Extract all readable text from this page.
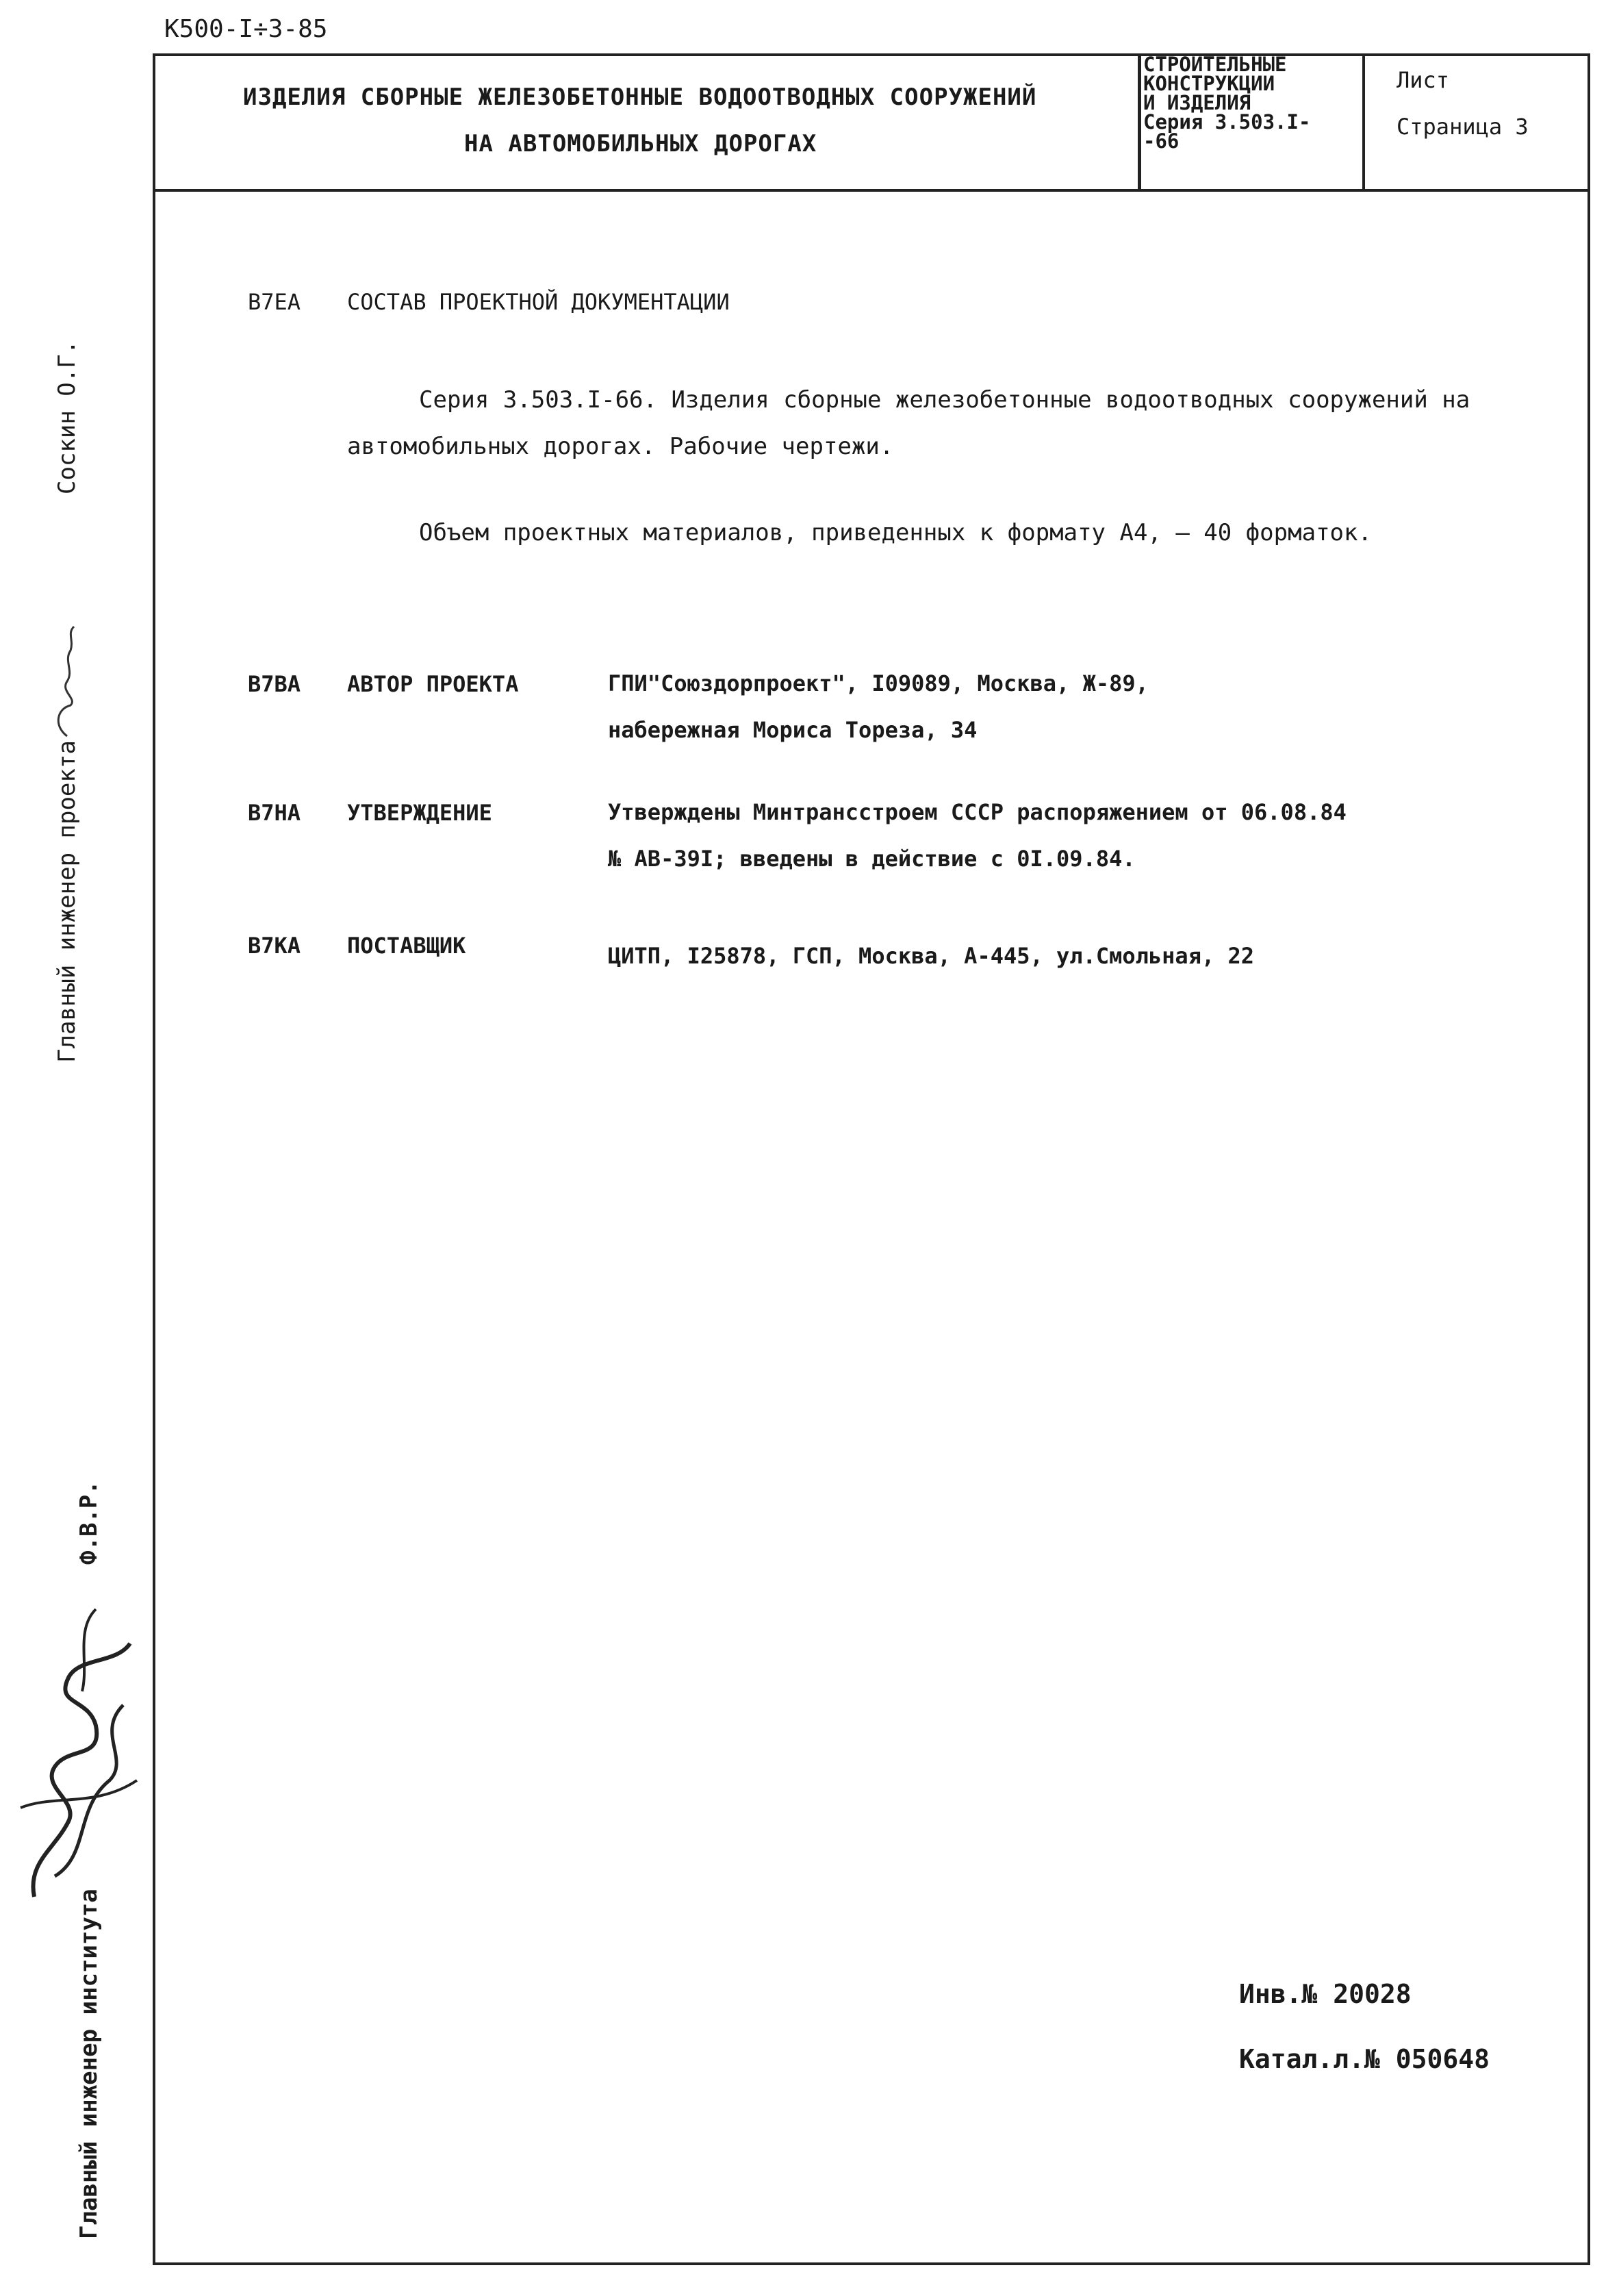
К500-І÷3-85
ИЗДЕЛИЯ СБОРНЫЕ ЖЕЛЕЗОБЕТОННЫЕ ВОДООТВОДНЫХ СООРУЖЕНИЙ
НА АВТОМОБИЛЬНЫХ ДОРОГАХ
СТРОИТЕЛЬНЫЕ
КОНСТРУКЦИИ
И ИЗДЕЛИЯ
Серия 3.503.І-
-66
Лист
Страница 3
В7ЕА СОСТАВ ПРОЕКТНОЙ ДОКУМЕНТАЦИИ
Серия 3.503.І-66. Изделия сборные железобетонные водоотводных сооружений на автомобильных дорогах. Рабочие чертежи.
Объем проектных материалов, приведенных к формату А4, – 40 форматок.
В7ВА АВТОР ПРОЕКТА	ГПИ"Союздорпроект", І09089, Москва, Ж-89,
набережная Мориса Тореза, 34
В7НА УТВЕРЖДЕНИЕ	Утверждены Минтрансстроем СССР распоряжением от 06.08.84
№ АВ-39І; введены в действие с 0І.09.84.
В7КА ПОСТАВЩИК	ЦИТП, І25878, ГСП, Москва, А-445, ул.Смольная, 22
Инв.№ 20028
Катал.л.№ 050648
Главный инженер проекта
Соскин О.Г.
Главный инженер института
Ф.В.Р.
